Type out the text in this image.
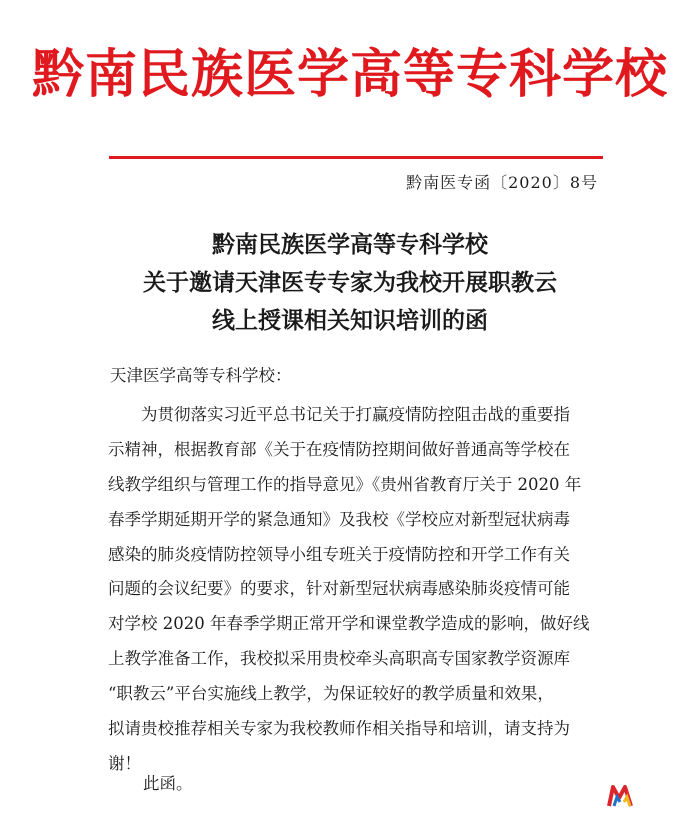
黔南民族医学高等专科学校
黔南医专函〔2020〕8号
黔南民族医学高等专科学校
关于邀请天津医专专家为我校开展职教云
线上授课相关知识培训的函
天津医学高等专科学校：
为贯彻落实习近平总书记关于打赢疫情防控阻击战的重要指
示精神，根据教育部《关于在疫情防控期间做好普通高等学校在
线教学组织与管理工作的指导意见》《贵州省教育厅关于 2020 年
春季学期延期开学的紧急通知》及我校《学校应对新型冠状病毒
感染的肺炎疫情防控领导小组专班关于疫情防控和开学工作有关
问题的会议纪要》的要求，针对新型冠状病毒感染肺炎疫情可能
对学校 2020 年春季学期正常开学和课堂教学造成的影响，做好线
上教学准备工作，我校拟采用贵校牵头高职高专国家教学资源库
“职教云”平台实施线上教学，为保证较好的教学质量和效果，
拟请贵校推荐相关专家为我校教师作相关指导和培训，请支持为
谢！
此函。
